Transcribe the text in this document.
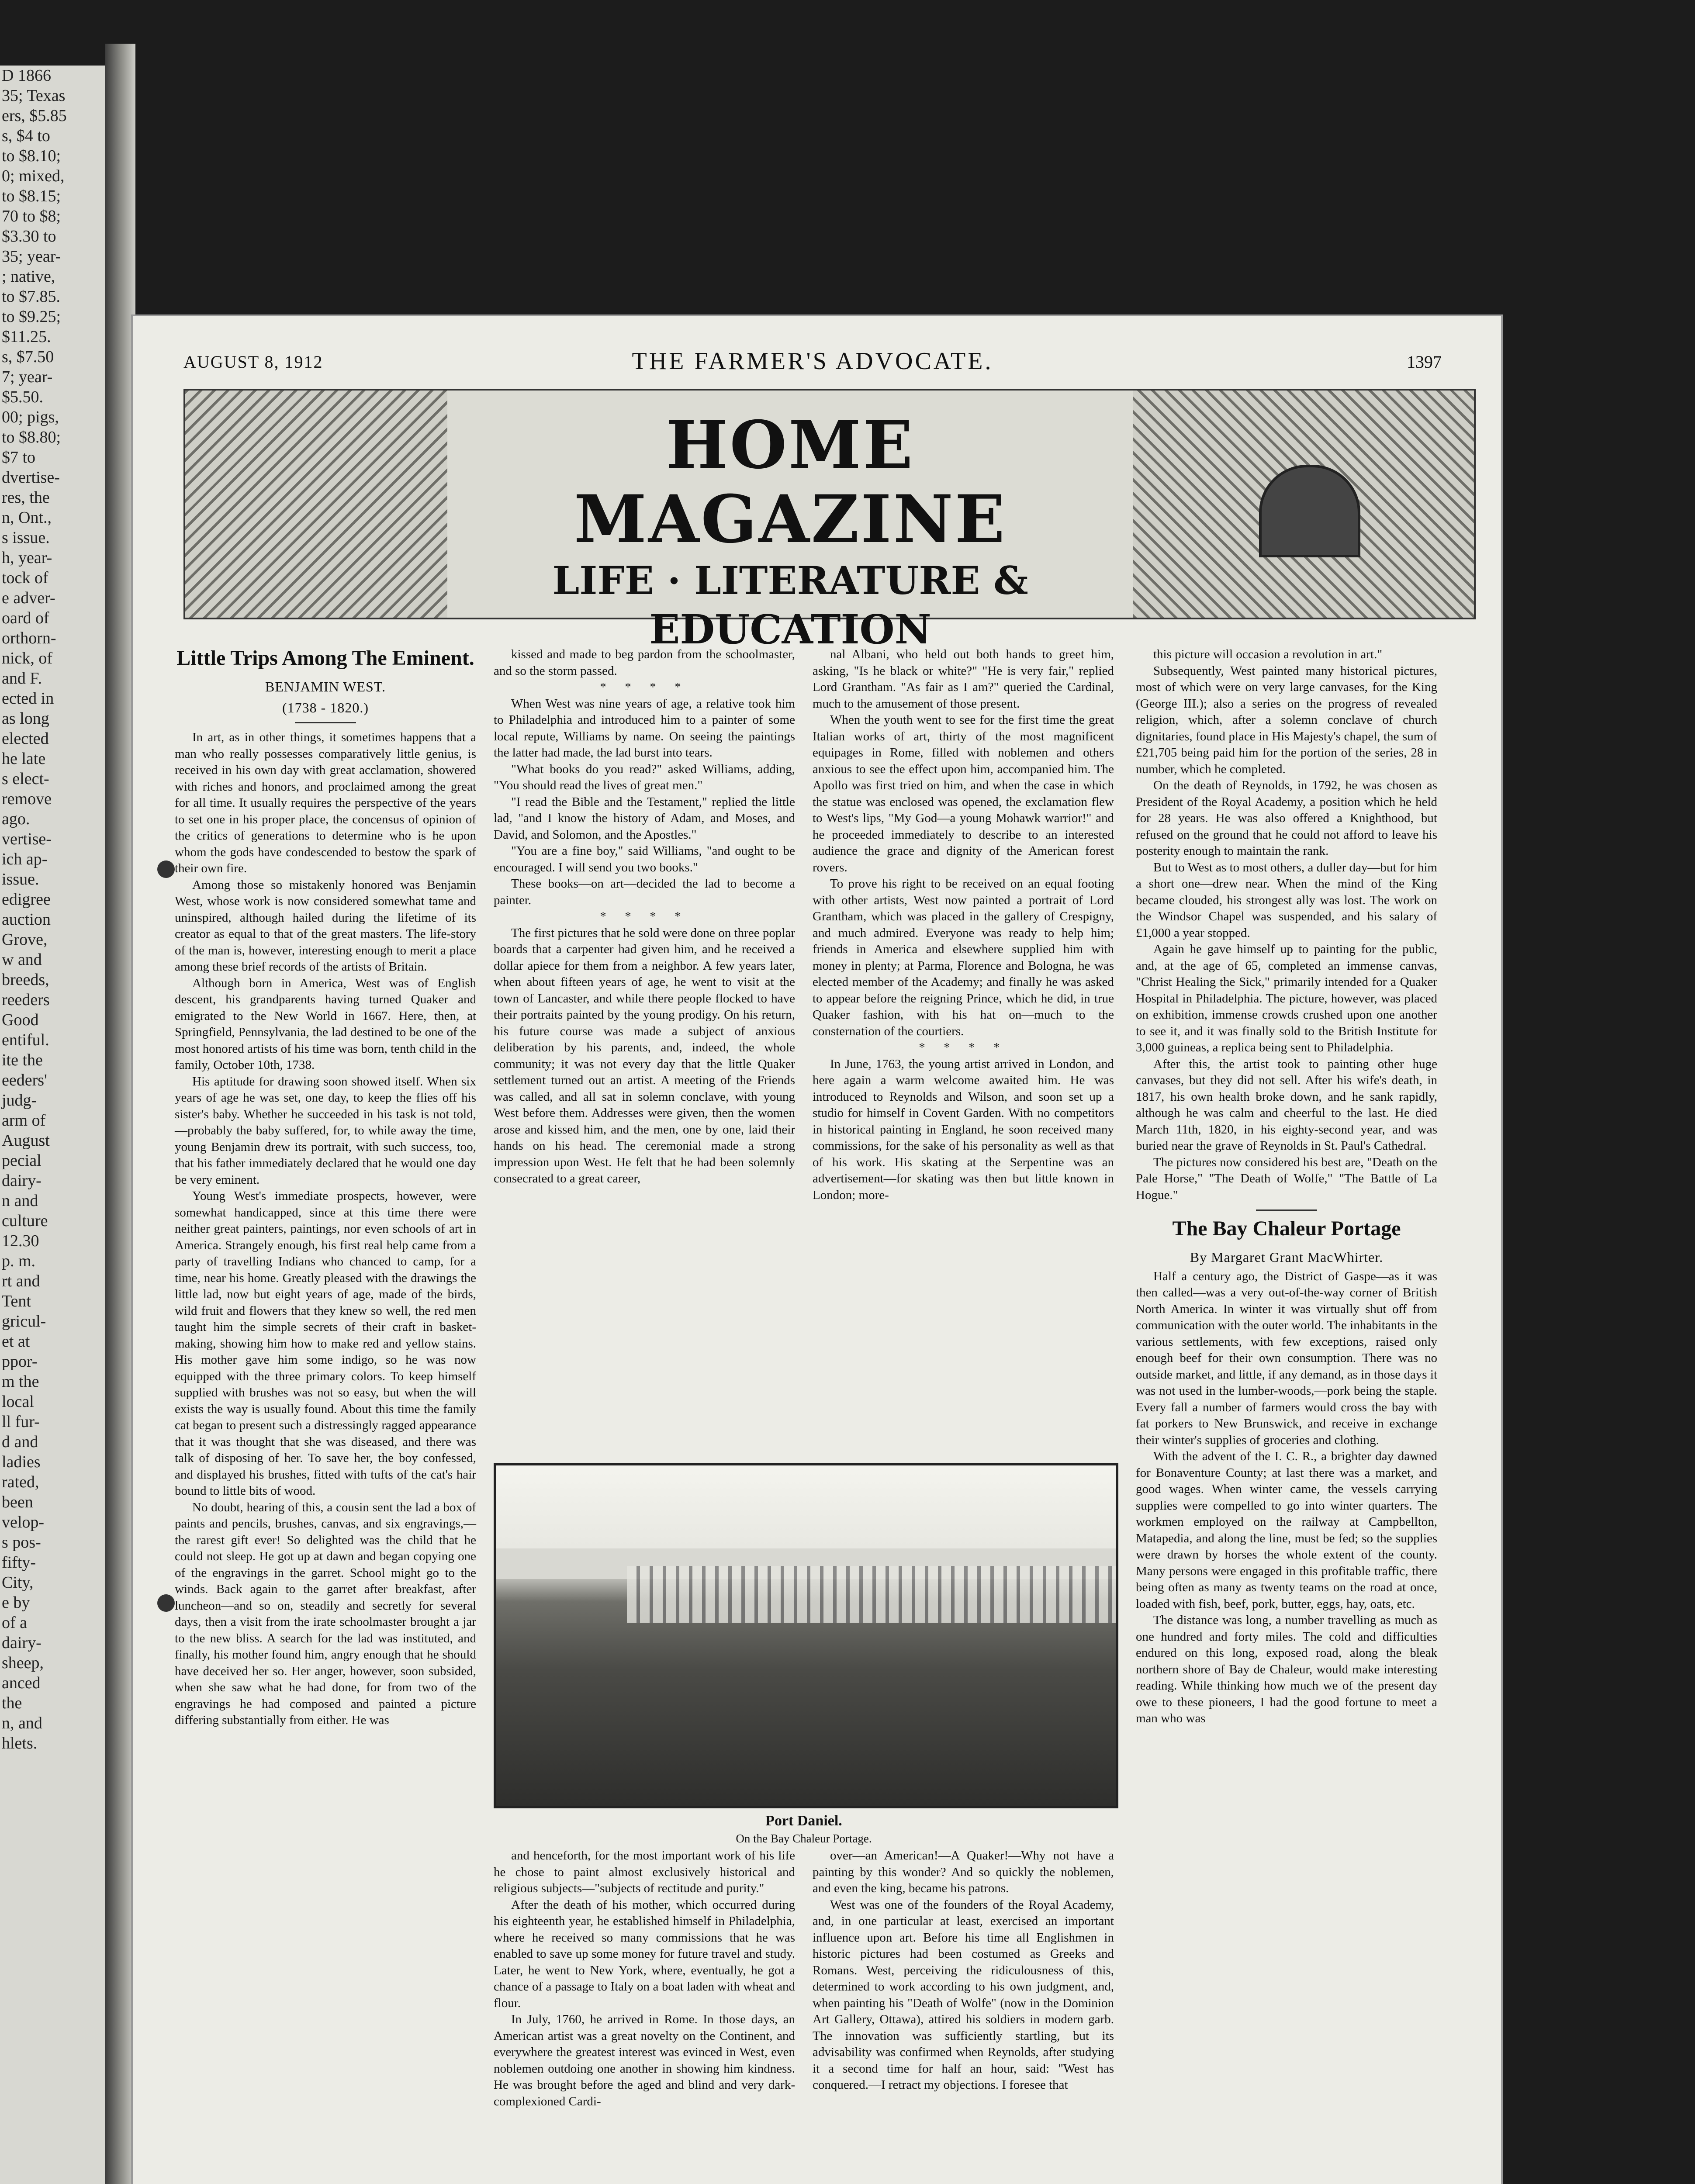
D 1866
35; Texas
ers, $5.85
s, $4 to
to $8.10;
0; mixed,
to $8.15;
70 to $8;
$3.30 to
35; year-
; native,
to $7.85.
to $9.25;
$11.25.
s, $7.50
7; year-
$5.50.
00; pigs,
to $8.80;
$7 to
dvertise-
res, the
n, Ont.,
s issue.
h, year-
tock of
e adver-
oard of
orthorn-
nick, of
and F.
ected in
as long
elected
he late
s elect-
remove
ago.
vertise-
ich ap-
issue.
edigree
auction
Grove,
w and
breeds,
reeders
Good
entiful.
ite the
eeders'
judg-
arm of
August
pecial
dairy-
n and
culture
12.30
p. m.
rt and
Tent
gricul-
et at
ppor-
m the
local
ll fur-
d and
ladies
rated,
been
velop-
s pos-
fifty-
City,
e by
of a
dairy-
sheep,
anced
the
n, and
hlets.
AUGUST 8, 1912	THE FARMER'S ADVOCATE.	1397

HOME MAGAZINE

LIFE · LITERATURE &

EDUCATION

Little Trips Among The Eminent.
BENJAMIN WEST.
(1738 - 1820.)

In art, as in other things, it sometimes happens that a man who really possesses comparatively little genius, is received in his own day with great acclamation, showered with riches and honors, and proclaimed among the great for all time. It usually requires the perspective of the years to set one in his proper place, the concensus of opinion of the critics of generations to determine who is he upon whom the gods have condescended to bestow the spark of their own fire.

Among those so mistakenly honored was Benjamin West, whose work is now considered somewhat tame and uninspired, although hailed during the lifetime of its creator as equal to that of the great masters. The life-story of the man is, however, interesting enough to merit a place among these brief records of the artists of Britain.

Although born in America, West was of English descent, his grandparents having turned Quaker and emigrated to the New World in 1667. Here, then, at Springfield, Pennsylvania, the lad destined to be one of the most honored artists of his time was born, tenth child in the family, October 10th, 1738.

His aptitude for drawing soon showed itself. When six years of age he was set, one day, to keep the flies off his sister's baby. Whether he succeeded in his task is not told,—probably the baby suffered, for, to while away the time, young Benjamin drew its portrait, with such success, too, that his father immediately declared that he would one day be very eminent.

Young West's immediate prospects, however, were somewhat handicapped, since at this time there were neither great painters, paintings, nor even schools of art in America. Strangely enough, his first real help came from a party of travelling Indians who chanced to camp, for a time, near his home. Greatly pleased with the drawings the little lad, now but eight years of age, made of the birds, wild fruit and flowers that they knew so well, the red men taught him the simple secrets of their craft in basket-making, showing him how to make red and yellow stains. His mother gave him some indigo, so he was now equipped with the three primary colors. To keep himself supplied with brushes was not so easy, but when the will exists the way is usually found. About this time the family cat began to present such a distressingly ragged appearance that it was thought that she was diseased, and there was talk of disposing of her. To save her, the boy confessed, and displayed his brushes, fitted with tufts of the cat's hair bound to little bits of wood.

No doubt, hearing of this, a cousin sent the lad a box of paints and pencils, brushes, canvas, and six engravings,—the rarest gift ever! So delighted was the child that he could not sleep. He got up at dawn and began copying one of the engravings in the garret. School might go to the winds. Back again to the garret after breakfast, after luncheon—and so on, steadily and secretly for several days, then a visit from the irate schoolmaster brought a jar to the new bliss. A search for the lad was instituted, and finally, his mother found him, angry enough that he should have deceived her so. Her anger, however, soon subsided, when she saw what he had done, for from two of the engravings he had composed and painted a picture differing substantially from either. He was

kissed and made to beg pardon from the schoolmaster, and so the storm passed.

* * * *

When West was nine years of age, a relative took him to Philadelphia and introduced him to a painter of some local repute, Williams by name. On seeing the paintings the latter had made, the lad burst into tears.

"What books do you read?" asked Williams, adding, "You should read the lives of great men."

"I read the Bible and the Testament," replied the little lad, "and I know the history of Adam, and Moses, and David, and Solomon, and the Apostles."

"You are a fine boy," said Williams, "and ought to be encouraged. I will send you two books."

These books—on art—decided the lad to become a painter.

* * * *

The first pictures that he sold were done on three poplar boards that a carpenter had given him, and he received a dollar apiece for them from a neighbor. A few years later, when about fifteen years of age, he went to visit at the town of Lancaster, and while there people flocked to have their portraits painted by the young prodigy. On his return, his future course was made a subject of anxious deliberation by his parents, and, indeed, the whole community; it was not every day that the little Quaker settlement turned out an artist. A meeting of the Friends was called, and all sat in solemn conclave, with young West before them. Addresses were given, then the women arose and kissed him, and the men, one by one, laid their hands on his head. The ceremonial made a strong impression upon West. He felt that he had been solemnly consecrated to a great career,

nal Albani, who held out both hands to greet him, asking, "Is he black or white?" "He is very fair," replied Lord Grantham. "As fair as I am?" queried the Cardinal, much to the amusement of those present.

When the youth went to see for the first time the great Italian works of art, thirty of the most magnificent equipages in Rome, filled with noblemen and others anxious to see the effect upon him, accompanied him. The Apollo was first tried on him, and when the case in which the statue was enclosed was opened, the exclamation flew to West's lips, "My God—a young Mohawk warrior!" and he proceeded immediately to describe to an interested audience the grace and dignity of the American forest rovers.

To prove his right to be received on an equal footing with other artists, West now painted a portrait of Lord Grantham, which was placed in the gallery of Crespigny, and much admired. Everyone was ready to help him; friends in America and elsewhere supplied him with money in plenty; at Parma, Florence and Bologna, he was elected member of the Academy; and finally he was asked to appear before the reigning Prince, which he did, in true Quaker fashion, with his hat on—much to the consternation of the courtiers.

* * * *

In June, 1763, the young artist arrived in London, and here again a warm welcome awaited him. He was introduced to Reynolds and Wilson, and soon set up a studio for himself in Covent Garden. With no competitors in historical painting in England, he soon received many commissions, for the sake of his personality as well as that of his work. His skating at the Serpentine was an advertisement—for skating was then but little known in London; more-

this picture will occasion a revolution in art."

Subsequently, West painted many historical pictures, most of which were on very large canvases, for the King (George III.); also a series on the progress of revealed religion, which, after a solemn conclave of church dignitaries, found place in His Majesty's chapel, the sum of £21,705 being paid him for the portion of the series, 28 in number, which he completed.

On the death of Reynolds, in 1792, he was chosen as President of the Royal Academy, a position which he held for 28 years. He was also offered a Knighthood, but refused on the ground that he could not afford to leave his posterity enough to maintain the rank.

But to West as to most others, a duller day—but for him a short one—drew near. When the mind of the King became clouded, his strongest ally was lost. The work on the Windsor Chapel was suspended, and his salary of £1,000 a year stopped.

Again he gave himself up to painting for the public, and, at the age of 65, completed an immense canvas, "Christ Healing the Sick," primarily intended for a Quaker Hospital in Philadelphia. The picture, however, was placed on exhibition, immense crowds crushed upon one another to see it, and it was finally sold to the British Institute for 3,000 guineas, a replica being sent to Philadelphia.

After this, the artist took to painting other huge canvases, but they did not sell. After his wife's death, in 1817, his own health broke down, and he sank rapidly, although he was calm and cheerful to the last. He died March 11th, 1820, in his eighty-second year, and was buried near the grave of Reynolds in St. Paul's Cathedral.

The pictures now considered his best are, "Death on the Pale Horse," "The Death of Wolfe," "The Battle of La Hogue."

The Bay Chaleur Portage
By Margaret Grant MacWhirter.

Half a century ago, the District of Gaspe—as it was then called—was a very out-of-the-way corner of British North America. In winter it was virtually shut off from communication with the outer world. The inhabitants in the various settlements, with few exceptions, raised only enough beef for their own consumption. There was no outside market, and little, if any demand, as in those days it was not used in the lumber-woods,—pork being the staple. Every fall a number of farmers would cross the bay with fat porkers to New Brunswick, and receive in exchange their winter's supplies of groceries and clothing.

With the advent of the I. C. R., a brighter day dawned for Bonaventure County; at last there was a market, and good wages. When winter came, the vessels carrying supplies were compelled to go into winter quarters. The workmen employed on the railway at Campbellton, Matapedia, and along the line, must be fed; so the supplies were drawn by horses the whole extent of the county. Many persons were engaged in this profitable traffic, there being often as many as twenty teams on the road at once, loaded with fish, beef, pork, butter, eggs, hay, oats, etc.

The distance was long, a number travelling as much as one hundred and forty miles. The cold and difficulties endured on this long, exposed road, along the bleak northern shore of Bay de Chaleur, would make interesting reading. While thinking how much we of the present day owe to these pioneers, I had the good fortune to meet a man who was

Port Daniel.
On the Bay Chaleur Portage.

and henceforth, for the most important work of his life he chose to paint almost exclusively historical and religious subjects—"subjects of rectitude and purity."

After the death of his mother, which occurred during his eighteenth year, he established himself in Philadelphia, where he received so many commissions that he was enabled to save up some money for future travel and study. Later, he went to New York, where, eventually, he got a chance of a passage to Italy on a boat laden with wheat and flour.

In July, 1760, he arrived in Rome. In those days, an American artist was a great novelty on the Continent, and everywhere the greatest interest was evinced in West, even noblemen outdoing one another in showing him kindness. He was brought before the aged and blind and very dark-complexioned Cardi-

over—an American!—A Quaker!—Why not have a painting by this wonder? And so quickly the noblemen, and even the king, became his patrons.

West was one of the founders of the Royal Academy, and, in one particular at least, exercised an important influence upon art. Before his time all Englishmen in historic pictures had been costumed as Greeks and Romans. West, perceiving the ridiculousness of this, determined to work according to his own judgment, and, when painting his "Death of Wolfe" (now in the Dominion Art Gallery, Ottawa), attired his soldiers in modern garb. The innovation was sufficiently startling, but its advisability was confirmed when Reynolds, after studying it a second time for half an hour, said: "West has conquered.—I retract my objections. I foresee that
